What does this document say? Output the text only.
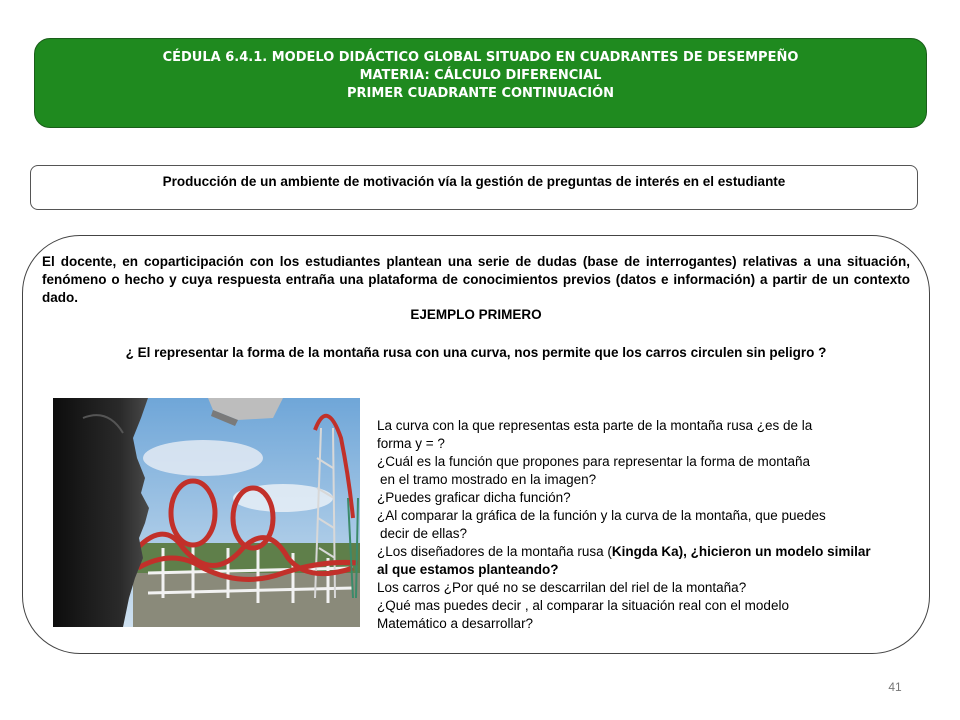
CÉDULA 6.4.1. MODELO DIDÁCTICO GLOBAL SITUADO EN CUADRANTES DE DESEMPEÑO
MATERIA: CÁLCULO DIFERENCIAL
PRIMER CUADRANTE CONTINUACIÓN
Producción de un ambiente de motivación vía la gestión de preguntas de interés en el estudiante
El docente, en coparticipación con los estudiantes plantean una serie de dudas (base de interrogantes) relativas a una situación, fenómeno o hecho y cuya respuesta entraña una plataforma de conocimientos previos (datos e información) a partir de un contexto dado.
EJEMPLO PRIMERO
¿ El representar la forma de la montaña rusa con una curva, nos permite que los carros circulen sin peligro ?
La curva con la que representas esta parte de la montaña rusa ¿es de la
forma y = ?
¿Cuál es la función que propones para representar la forma de montaña
en el tramo mostrado en la imagen?
¿Puedes graficar dicha función?
¿Al comparar la gráfica de la función y la curva de la montaña, que puedes
decir de ellas?
¿Los diseñadores de la montaña rusa (Kingda Ka), ¿hicieron un modelo similar
al que estamos planteando?
Los carros ¿Por qué no se descarrilan del riel de la montaña?
¿Qué mas puedes decir , al comparar la situación real con el modelo
Matemático a desarrollar?
41
